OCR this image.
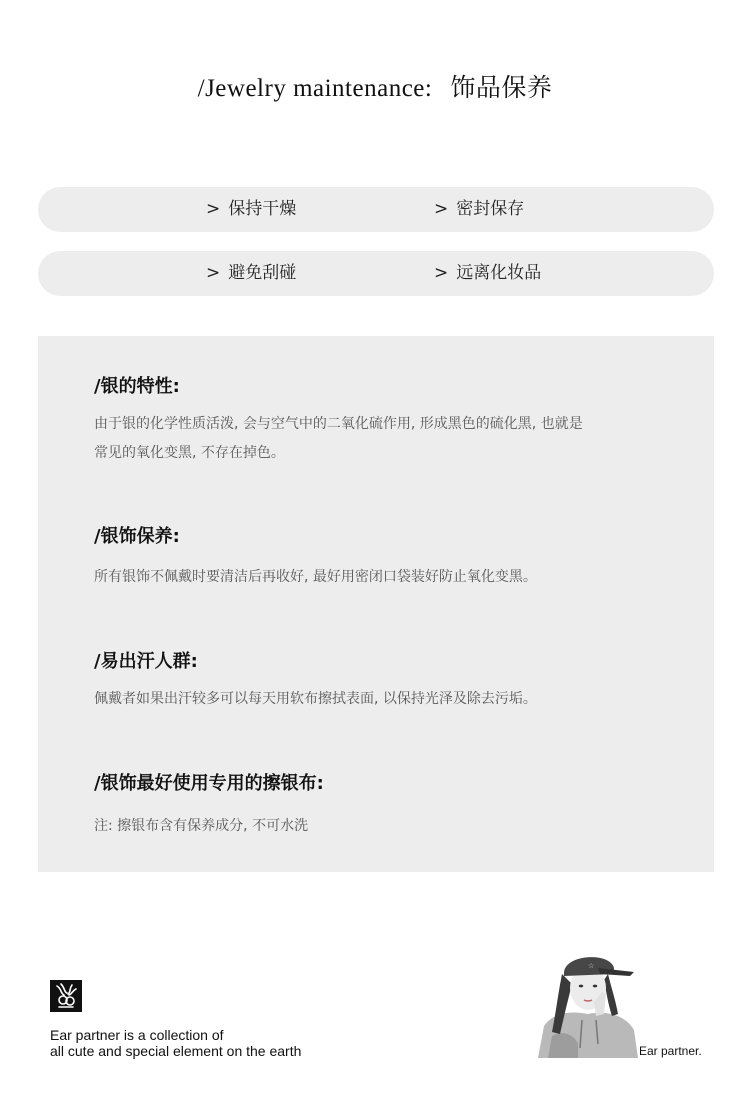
/Jewelry maintenance: 饰品保养
> 保持干燥	> 密封保存
> 避免刮碰	> 远离化妆品
/银的特性:
由于银的化学性质活泼, 会与空气中的二氧化硫作用, 形成黑色的硫化黑, 也就是
常见的氧化变黑, 不存在掉色。
/银饰保养:
所有银饰不佩戴时要清洁后再收好, 最好用密闭口袋装好防止氧化变黑。
/易出汗人群:
佩戴者如果出汗较多可以每天用软布擦拭表面, 以保持光泽及除去污垢。
/银饰最好使用专用的擦银布:
注: 擦银布含有保养成分, 不可水洗
Ear partner is a collection of
all cute and special element on the earth
☆
Ear partner.
